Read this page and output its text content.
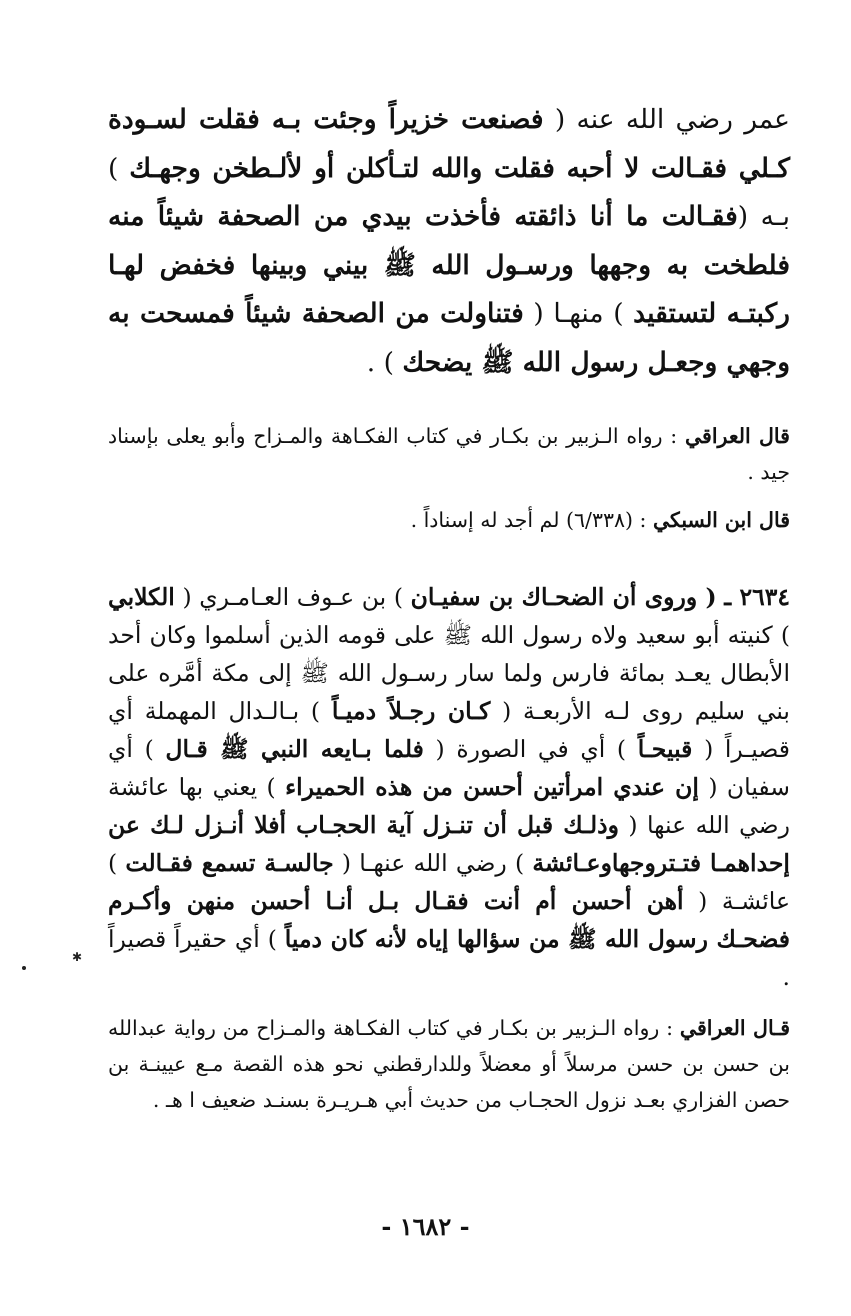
عمر رضي الله عنه ( فصنعت خزيراً وجئت بـه فقلت لسـودة كـلي فقـالت لا أحبه فقلت والله لتـأكلن أو لألـطخن وجهـك ) بـه (فقـالت ما أنا ذائقته فأخذت بيدي من الصحفة شيئاً منه فلطخت به وجهها ورسـول الله ﷺ بيني وبينها فخفض لهـا ركبتـه لتستقيد ) منهـا ( فتناولت من الصحفة شيئاً فمسحت به وجهي وجعـل رسول الله ﷺ يضحك ) .

قال العراقي : رواه الـزبير بن بكـار في كتاب الفكـاهة والمـزاح وأبو يعلى بإسناد جيد .

قال ابن السبكي : (٦/٣٣٨) لم أجد له إسناداً .

٢٦٣٤ ـ ( وروى أن الضحـاك بن سفيـان ) بن عـوف العـامـري ( الكلابي ) كنيته أبو سعيد ولاه رسول الله ﷺ على قومه الذين أسلموا وكان أحد الأبطال يعـد بمائة فارس ولما سار رسـول الله ﷺ إلى مكة أمَّره على بني سليم روى لـه الأربعـة ( كـان رجـلاً دميـاً ) بـالـدال المهملة أي قصيـراً ( قبيحـاً ) أي في الصورة ( فلما بـايعه النبي ﷺ قـال ) أي سفيان ( إن عندي امرأتين أحسن من هذه الحميراء ) يعني بها عائشة رضي الله عنها ( وذلـك قبل أن تنـزل آية الحجـاب أفلا أنـزل لـك عن إحداهمـا فتـتروجهاوعـائشة ) رضي الله عنهـا ( جالسـة تسمع فقـالت ) عائشـة ( أهن أحسن أم أنت فقـال بـل أنـا أحسن منهن وأكـرم فضحـك رسول الله ﷺ من سؤالها إياه لأنه كان دمياً ) أي حقيراً قصيراً .

قـال العراقي : رواه الـزبير بن بكـار في كتاب الفكـاهة والمـزاح من رواية عبدالله بن حسن بن حسن مرسلاً أو معضلاً وللدارقطني نحو هذه القصة مـع عيينـة بن حصن الفزاري بعـد نزول الحجـاب من حديث أبي هـريـرة بسنـد ضعيف ا هـ .

✱
- ١٦٨٢ -
